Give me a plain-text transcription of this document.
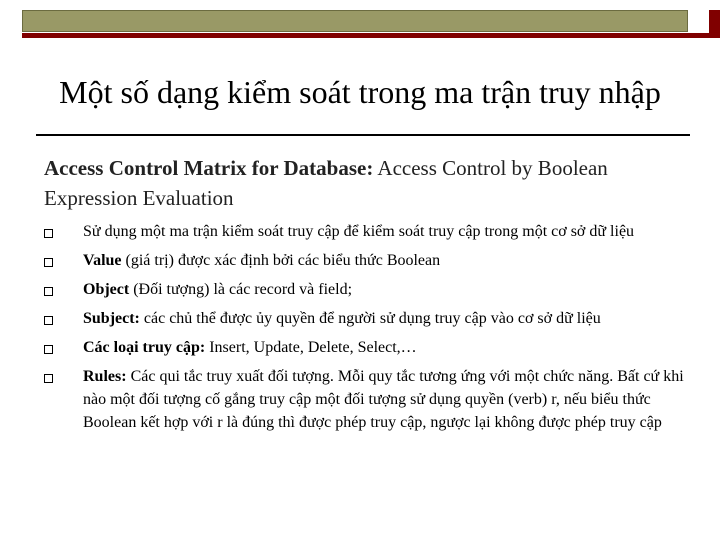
Một số dạng kiểm soát trong ma trận truy nhập
Access Control Matrix for Database: Access Control by Boolean Expression Evaluation
Sử dụng một ma trận kiểm soát truy cập để kiểm soát truy cập trong một cơ sở dữ liệu
Value (giá trị) được xác định bởi các biểu thức Boolean
Object (Đối tượng) là các record và field;
Subject: các chủ thể được ủy quyền để người sử dụng truy cập vào cơ sở dữ liệu
Các loại truy cập: Insert, Update, Delete, Select,…
Rules: Các qui tắc truy xuất đối tượng. Mỗi quy tắc tương ứng với một chức năng. Bất cứ khi nào một đối tượng cố gắng truy cập một đối tượng sử dụng quyền (verb) r, nếu biểu thức Boolean kết hợp với r là đúng thì được phép truy cập, ngược lại không được phép truy cập
